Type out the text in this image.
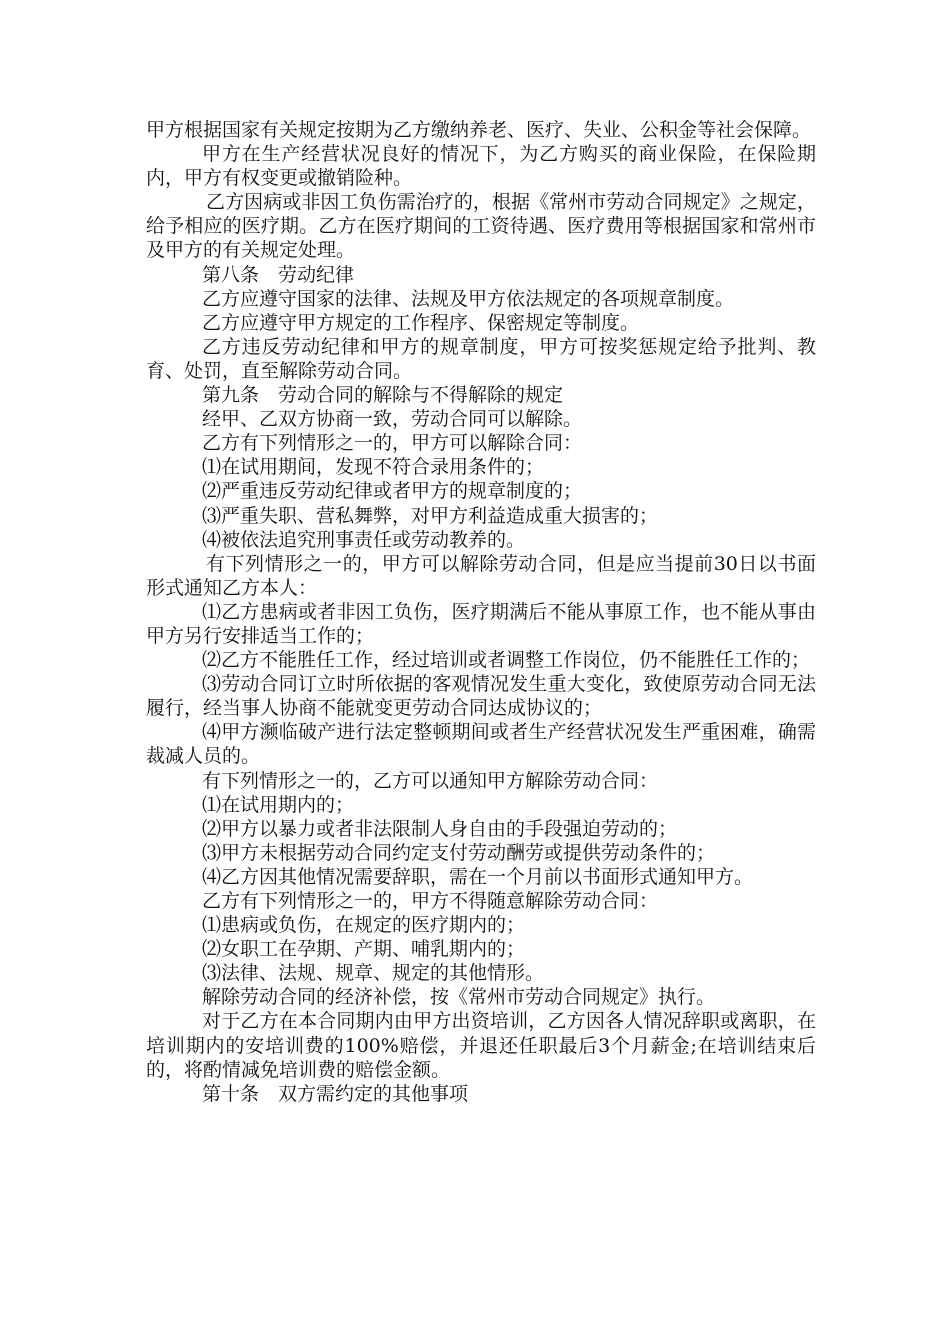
甲方根据国家有关规定按期为乙方缴纳养老、医疗、失业、公积金等社会保障。

甲方在生产经营状况良好的情况下，为乙方购买的商业保险，在保险期内，甲方有权变更或撤销险种。

乙方因病或非因工负伤需治疗的，根据《常州市劳动合同规定》之规定，给予相应的医疗期。乙方在医疗期间的工资待遇、医疗费用等根据国家和常州市及甲方的有关规定处理。

第八条　劳动纪律

乙方应遵守国家的法律、法规及甲方依法规定的各项规章制度。

乙方应遵守甲方规定的工作程序、保密规定等制度。

乙方违反劳动纪律和甲方的规章制度，甲方可按奖惩规定给予批判、教育、处罚，直至解除劳动合同。

第九条　劳动合同的解除与不得解除的规定

经甲、乙双方协商一致，劳动合同可以解除。

乙方有下列情形之一的，甲方可以解除合同：

⑴在试用期间，发现不符合录用条件的；

⑵严重违反劳动纪律或者甲方的规章制度的；

⑶严重失职、营私舞弊，对甲方利益造成重大损害的；

⑷被依法追究刑事责任或劳动教养的。

有下列情形之一的，甲方可以解除劳动合同，但是应当提前30日以书面形式通知乙方本人：

⑴乙方患病或者非因工负伤，医疗期满后不能从事原工作，也不能从事由甲方另行安排适当工作的；

⑵乙方不能胜任工作，经过培训或者调整工作岗位，仍不能胜任工作的；

⑶劳动合同订立时所依据的客观情况发生重大变化，致使原劳动合同无法履行，经当事人协商不能就变更劳动合同达成协议的；

⑷甲方濒临破产进行法定整顿期间或者生产经营状况发生严重困难，确需裁减人员的。

有下列情形之一的，乙方可以通知甲方解除劳动合同：

⑴在试用期内的；

⑵甲方以暴力或者非法限制人身自由的手段强迫劳动的；

⑶甲方未根据劳动合同约定支付劳动酬劳或提供劳动条件的；

⑷乙方因其他情况需要辞职，需在一个月前以书面形式通知甲方。

乙方有下列情形之一的，甲方不得随意解除劳动合同：

⑴患病或负伤，在规定的医疗期内的；

⑵女职工在孕期、产期、哺乳期内的；

⑶法律、法规、规章、规定的其他情形。

解除劳动合同的经济补偿，按《常州市劳动合同规定》执行。

对于乙方在本合同期内由甲方出资培训，乙方因各人情况辞职或离职，在培训期内的安培训费的100%赔偿，并退还任职最后3个月薪金;在培训结束后的，将酌情减免培训费的赔偿金额。

第十条　双方需约定的其他事项
